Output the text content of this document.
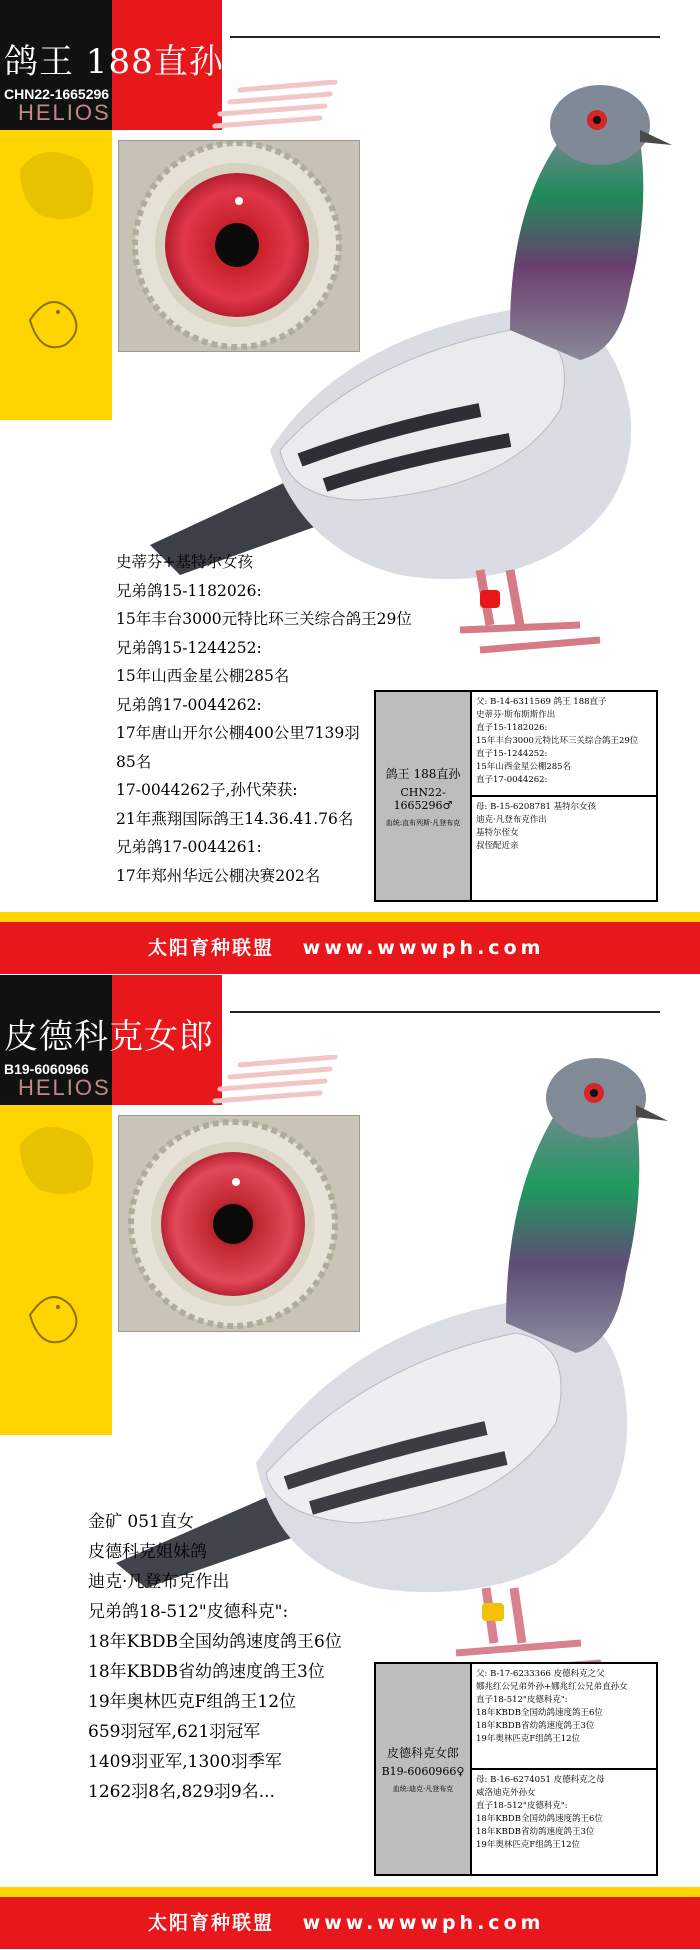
鸽王 188直孙
CHN22-1665296
HELIOS
史蒂芬+基特尔女孩
兄弟鸽15-1182026:
15年丰台3000元特比环三关综合鸽王29位
兄弟鸽15-1244252:
15年山西金星公棚285名
兄弟鸽17-0044262:
17年唐山开尔公棚400公里7139羽
85名
17-0044262子,孙代荣获:
21年燕翔国际鸽王14.36.41.76名
兄弟鸽17-0044261:
17年郑州华远公棚决赛202名
鸽王 188直孙
CHN22-1665296♂
血统:直布列斯·凡登布克
父: B-14-6311569 鸽王 188直子
史蒂芬·斯布斯斯作出
直子15-1182026:
15年丰台3000元特比环三关综合鸽王29位
直子15-1244252:
15年山西金星公棚285名
直子17-0044262:
母: B-15-6208781 基特尔女孩
迪克·凡登布克作出
基特尔侄女
叔侄配近亲
太阳育种联盟 www.wwwph.com
皮德科克女郎
B19-6060966
HELIOS
金矿 051直女
皮德科克姐妹鸽
迪克·凡登布克作出
兄弟鸽18-512"皮德科克":
18年KBDB全国幼鸽速度鸽王6位
18年KBDB省幼鸽速度鸽王3位
19年奥林匹克F组鸽王12位
659羽冠军,621羽冠军
1409羽亚军,1300羽季军
1262羽8名,829羽9名...
皮德科克女郎
B19-6060966♀
血统:迪克·凡登布克
父: B-17-6233366 皮德科克之父
娜兆红公兄弟外孙+娜兆红公兄弟直孙女
直子18-512"皮德科克":
18年KBDB全国幼鸽速度鸽王6位
18年KBDB省幼鸽速度鸽王3位
19年奥林匹克F组鸽王12位
母: B-16-6274051 皮德科克之母
威洛迪克外孙女
直子18-512"皮德科克":
18年KBDB全国幼鸽速度鸽王6位
18年KBDB省幼鸽速度鸽王3位
19年奥林匹克F组鸽王12位
太阳育种联盟 www.wwwph.com
